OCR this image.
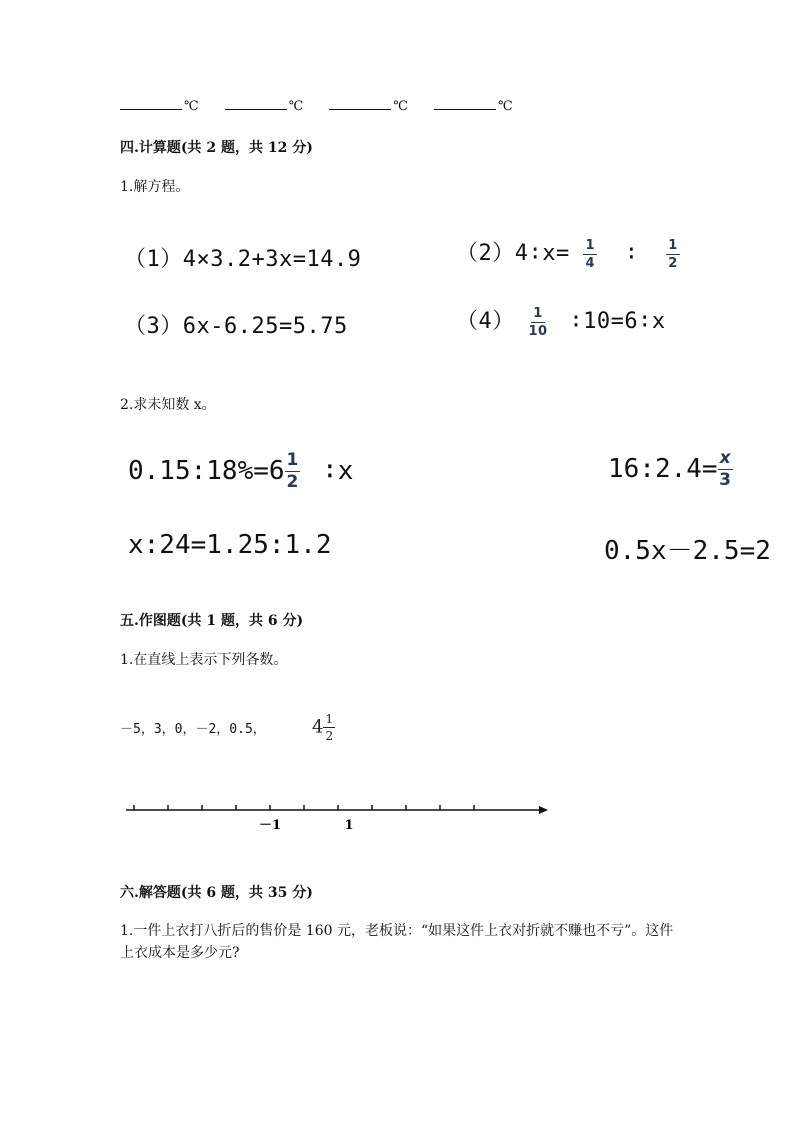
℃	℃	℃	℃
四.计算题(共 2 题，共 12 分)
1.解方程。
（1）4×3.2+3x=14.9	（2）4∶x= $\frac{1}{4}$ ∶ $\frac{1}{2}$
（3）6x-6.25=5.75	$(4) \frac{1}{10}$ ∶10=6∶x
2.求未知数 x。
0.15:18%=6 $\frac{1}{2}$ ∶x	16:2.4= $\frac{x}{3}$
x:24=1.25:1.2	0.5x－2.5=2
五.作图题(共 1 题，共 6 分)
1.在直线上表示下列各数。
－5，3，0，－2，0.5，	$4 \frac{1}{2}$
－1	1
六.解答题(共 6 题，共 35 分)
1.一件上衣打八折后的售价是 160 元，老板说：“如果这件上衣对折就不赚也不亏”。这件上衣成本是多少元?
